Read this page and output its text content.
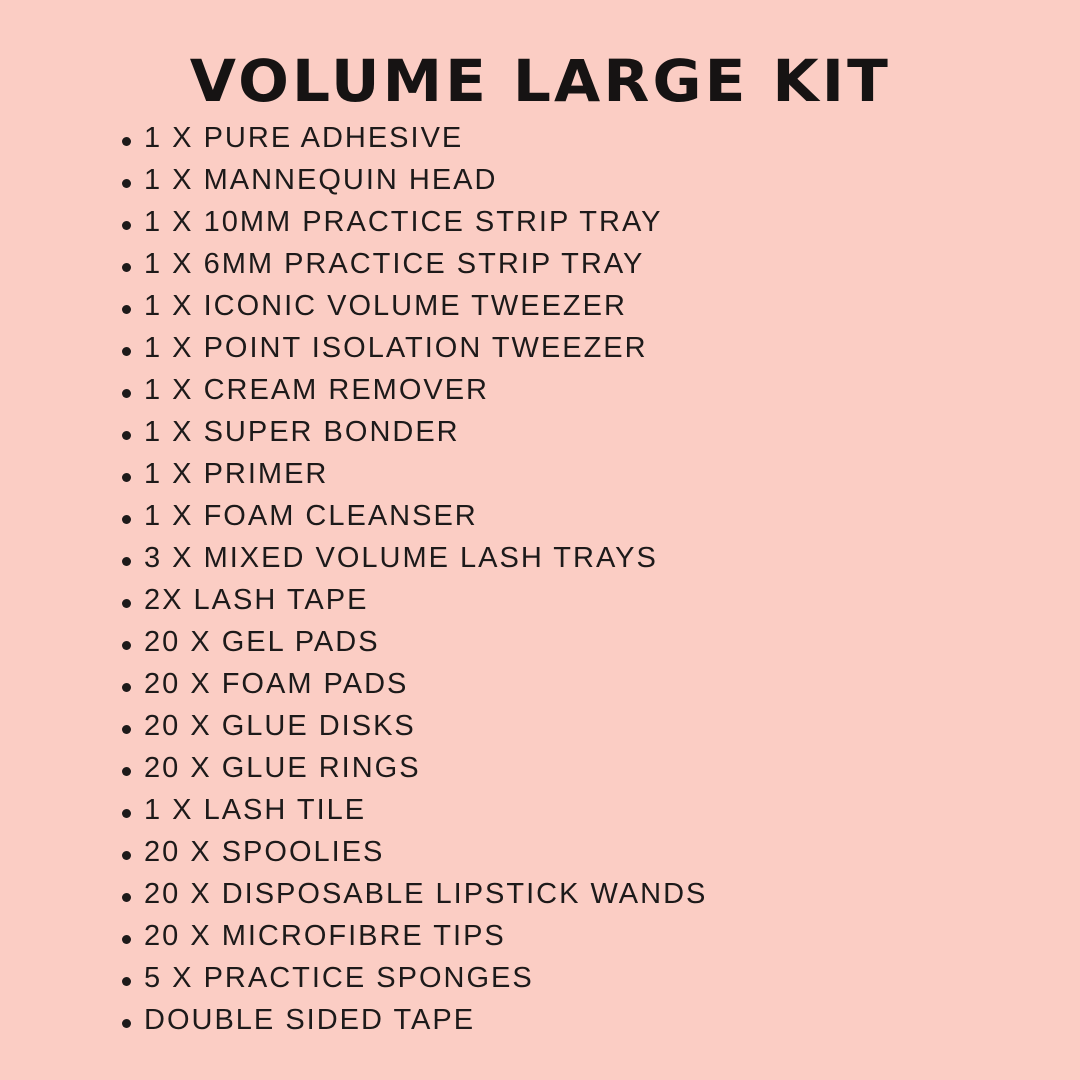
VOLUME LARGE KIT
1 X PURE ADHESIVE
1 X MANNEQUIN HEAD
1 X 10MM PRACTICE STRIP TRAY
1 X 6MM PRACTICE STRIP TRAY
1 X ICONIC VOLUME TWEEZER
1 X POINT ISOLATION TWEEZER
1 X CREAM REMOVER
1 X SUPER BONDER
1 X PRIMER
1 X FOAM CLEANSER
3 X MIXED VOLUME LASH TRAYS
2X LASH TAPE
20 X GEL PADS
20 X FOAM PADS
20 X GLUE DISKS
20 X GLUE RINGS
1 X LASH TILE
20 X SPOOLIES
20 X DISPOSABLE LIPSTICK WANDS
20 X MICROFIBRE TIPS
5 X PRACTICE SPONGES
DOUBLE SIDED TAPE
